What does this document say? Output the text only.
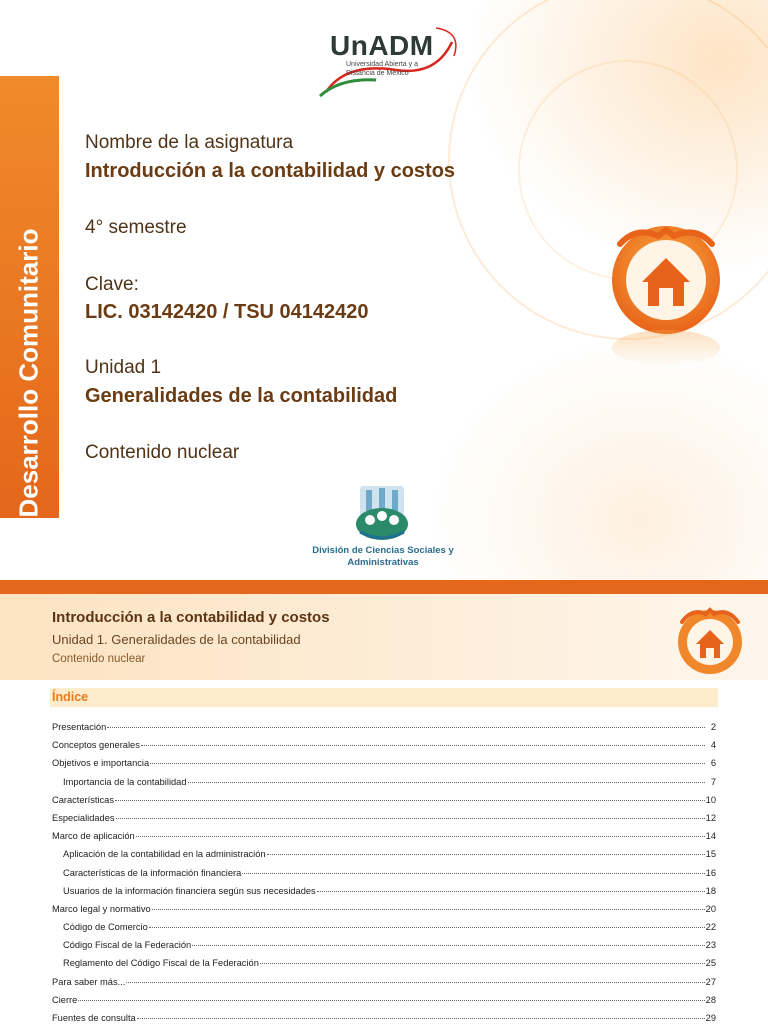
Desarrollo Comunitario
UnADM
Universidad Abierta y a Distancia de México
Nombre de la asignatura
Introducción a la contabilidad y costos
4° semestre
Clave:
LIC. 03142420 / TSU 04142420
Unidad 1
Generalidades de la contabilidad
Contenido nuclear
División de Ciencias Sociales y Administrativas
Introducción a la contabilidad y costos
Unidad 1. Generalidades de la contabilidad
Contenido nuclear
Índice
Presentación	2
Conceptos generales	4
Objetivos e importancia	6
Importancia de la contabilidad	7
Características	10
Especialidades	12
Marco de aplicación	14
Aplicación de la contabilidad en la administración	15
Características de la información financiera	16
Usuarios de la información financiera según sus necesidades	18
Marco legal y normativo	20
Código de Comercio	22
Código Fiscal de la Federación	23
Reglamento del Código Fiscal de la Federación	25
Para saber más...	27
Cierre	28
Fuentes de consulta	29
